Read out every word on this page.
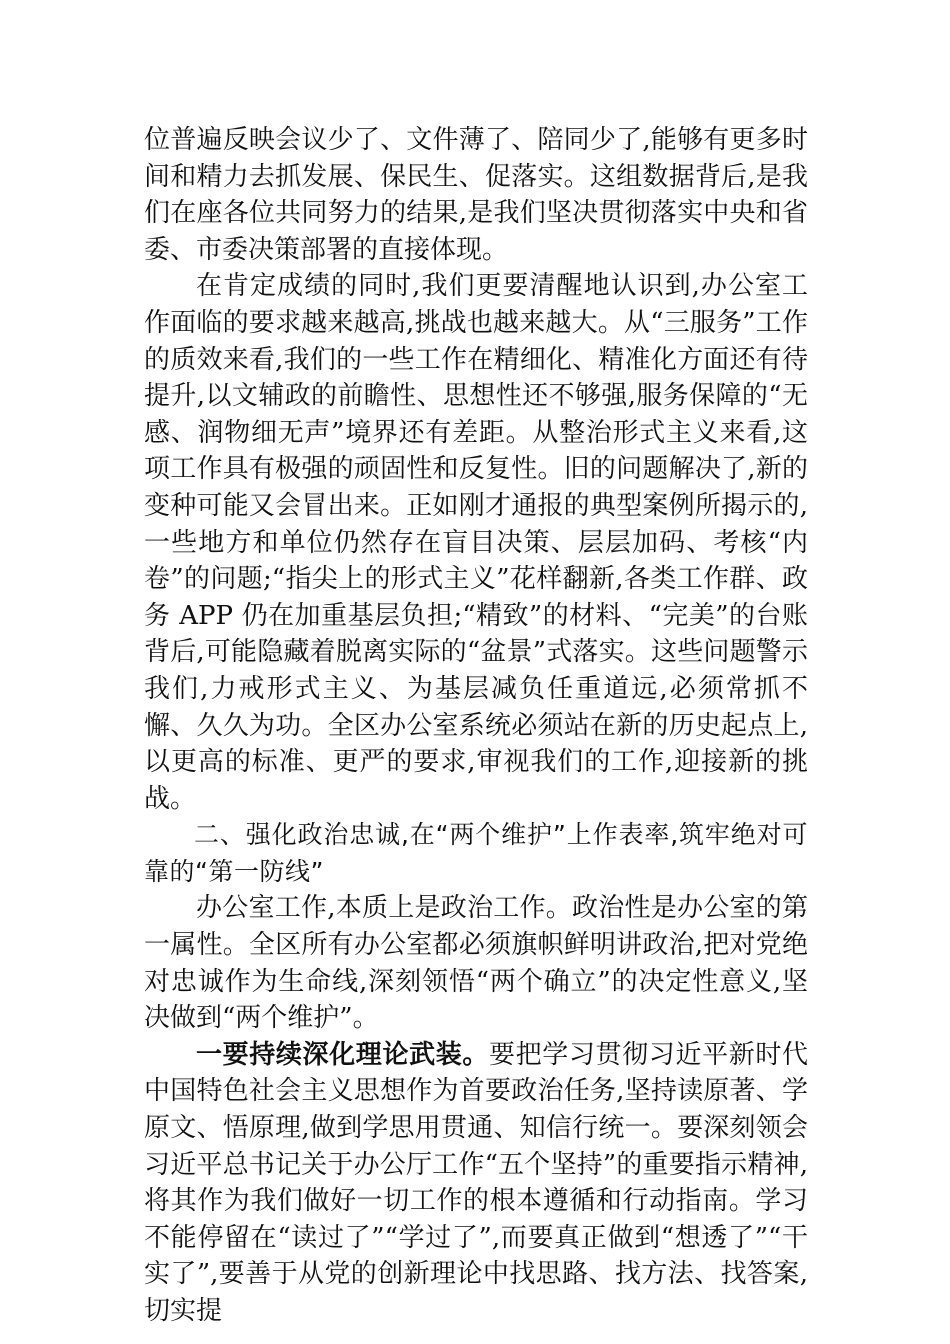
位普遍反映会议少了、文件薄了、陪同少了,能够有更多时间和精力去抓发展、保民生、促落实。这组数据背后,是我们在座各位共同努力的结果,是我们坚决贯彻落实中央和省委、市委决策部署的直接体现。

在肯定成绩的同时,我们更要清醒地认识到,办公室工作面临的要求越来越高,挑战也越来越大。从“三服务”工作的质效来看,我们的一些工作在精细化、精准化方面还有待提升,以文辅政的前瞻性、思想性还不够强,服务保障的“无感、润物细无声”境界还有差距。从整治形式主义来看,这项工作具有极强的顽固性和反复性。旧的问题解决了,新的变种可能又会冒出来。正如刚才通报的典型案例所揭示的,一些地方和单位仍然存在盲目决策、层层加码、考核“内卷”的问题;“指尖上的形式主义”花样翻新,各类工作群、政务 APP 仍在加重基层负担;“精致”的材料、“完美”的台账背后,可能隐藏着脱离实际的“盆景”式落实。这些问题警示我们,力戒形式主义、为基层减负任重道远,必须常抓不懈、久久为功。全区办公室系统必须站在新的历史起点上,以更高的标准、更严的要求,审视我们的工作,迎接新的挑战。

二、强化政治忠诚,在“两个维护”上作表率,筑牢绝对可靠的“第一防线”

办公室工作,本质上是政治工作。政治性是办公室的第一属性。全区所有办公室都必须旗帜鲜明讲政治,把对党绝对忠诚作为生命线,深刻领悟“两个确立”的决定性意义,坚决做到“两个维护”。

一要持续深化理论武装。要把学习贯彻习近平新时代中国特色社会主义思想作为首要政治任务,坚持读原著、学原文、悟原理,做到学思用贯通、知信行统一。要深刻领会习近平总书记关于办公厅工作“五个坚持”的重要指示精神,将其作为我们做好一切工作的根本遵循和行动指南。学习不能停留在“读过了”“学过了”,而要真正做到“想透了”“干实了”,要善于从党的创新理论中找思路、找方法、找答案,切实提
